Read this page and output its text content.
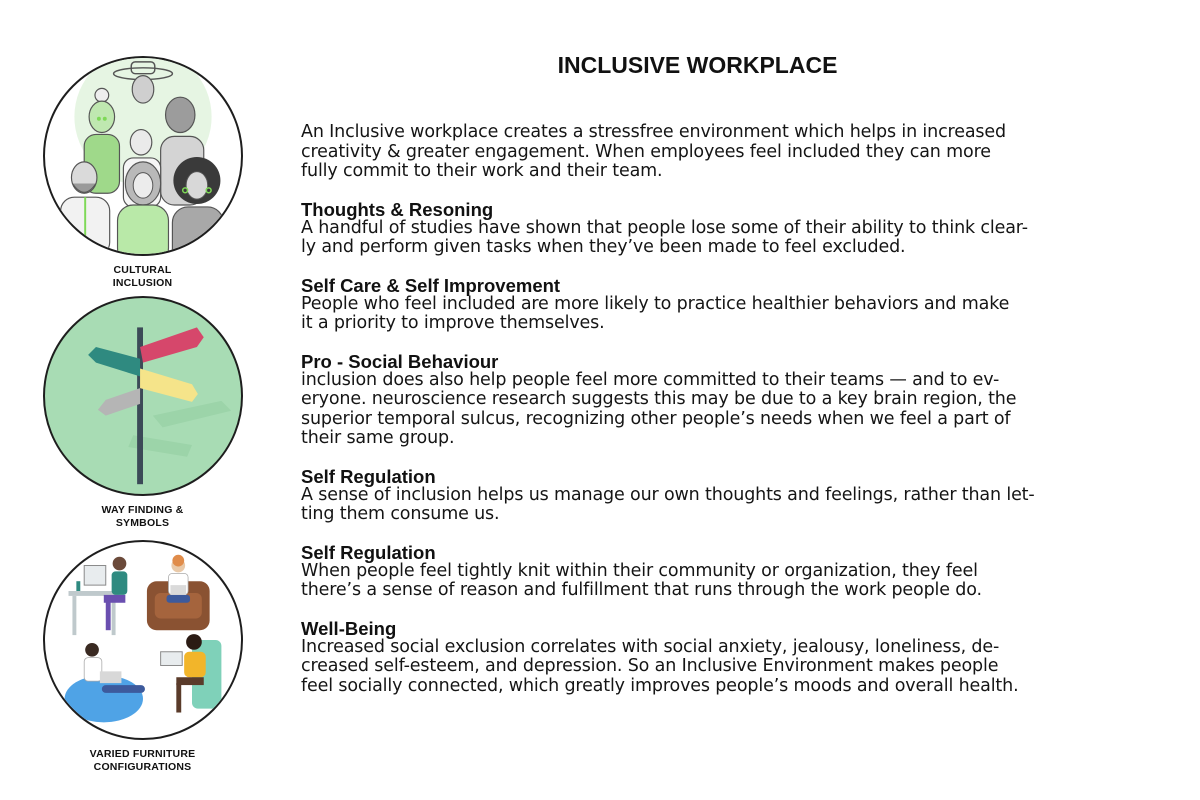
CULTURAL
INCLUSION
WAY FINDING &
SYMBOLS
VARIED FURNITURE
CONFIGURATIONS
INCLUSIVE WORKPLACE

An Inclusive workplace creates a stressfree environment which helps in increased
creativity & greater engagement. When employees feel included they can more
fully commit to their work and their team.

Thoughts & Resoning

A handful of studies have shown that people lose some of their ability to think clear-
ly and perform given tasks when they’ve been made to feel excluded.

Self Care & Self Improvement

People who feel included are more likely to practice healthier behaviors and make
it a priority to improve themselves.

Pro - Social Behaviour

inclusion does also help people feel more committed to their teams — and to ev-
eryone. neuroscience research suggests this may be due to a key brain region, the
superior temporal sulcus, recognizing other people’s needs when we feel a part of
their same group.

Self Regulation

A sense of inclusion helps us manage our own thoughts and feelings, rather than let-
ting them consume us.

Self Regulation

When people feel tightly knit within their community or organization, they feel
there’s a sense of reason and fulfillment that runs through the work people do.

Well-Being

Increased social exclusion correlates with social anxiety, jealousy, loneliness, de-
creased self-esteem, and depression. So an Inclusive Environment makes people
feel socially connected, which greatly improves people’s moods and overall health.
